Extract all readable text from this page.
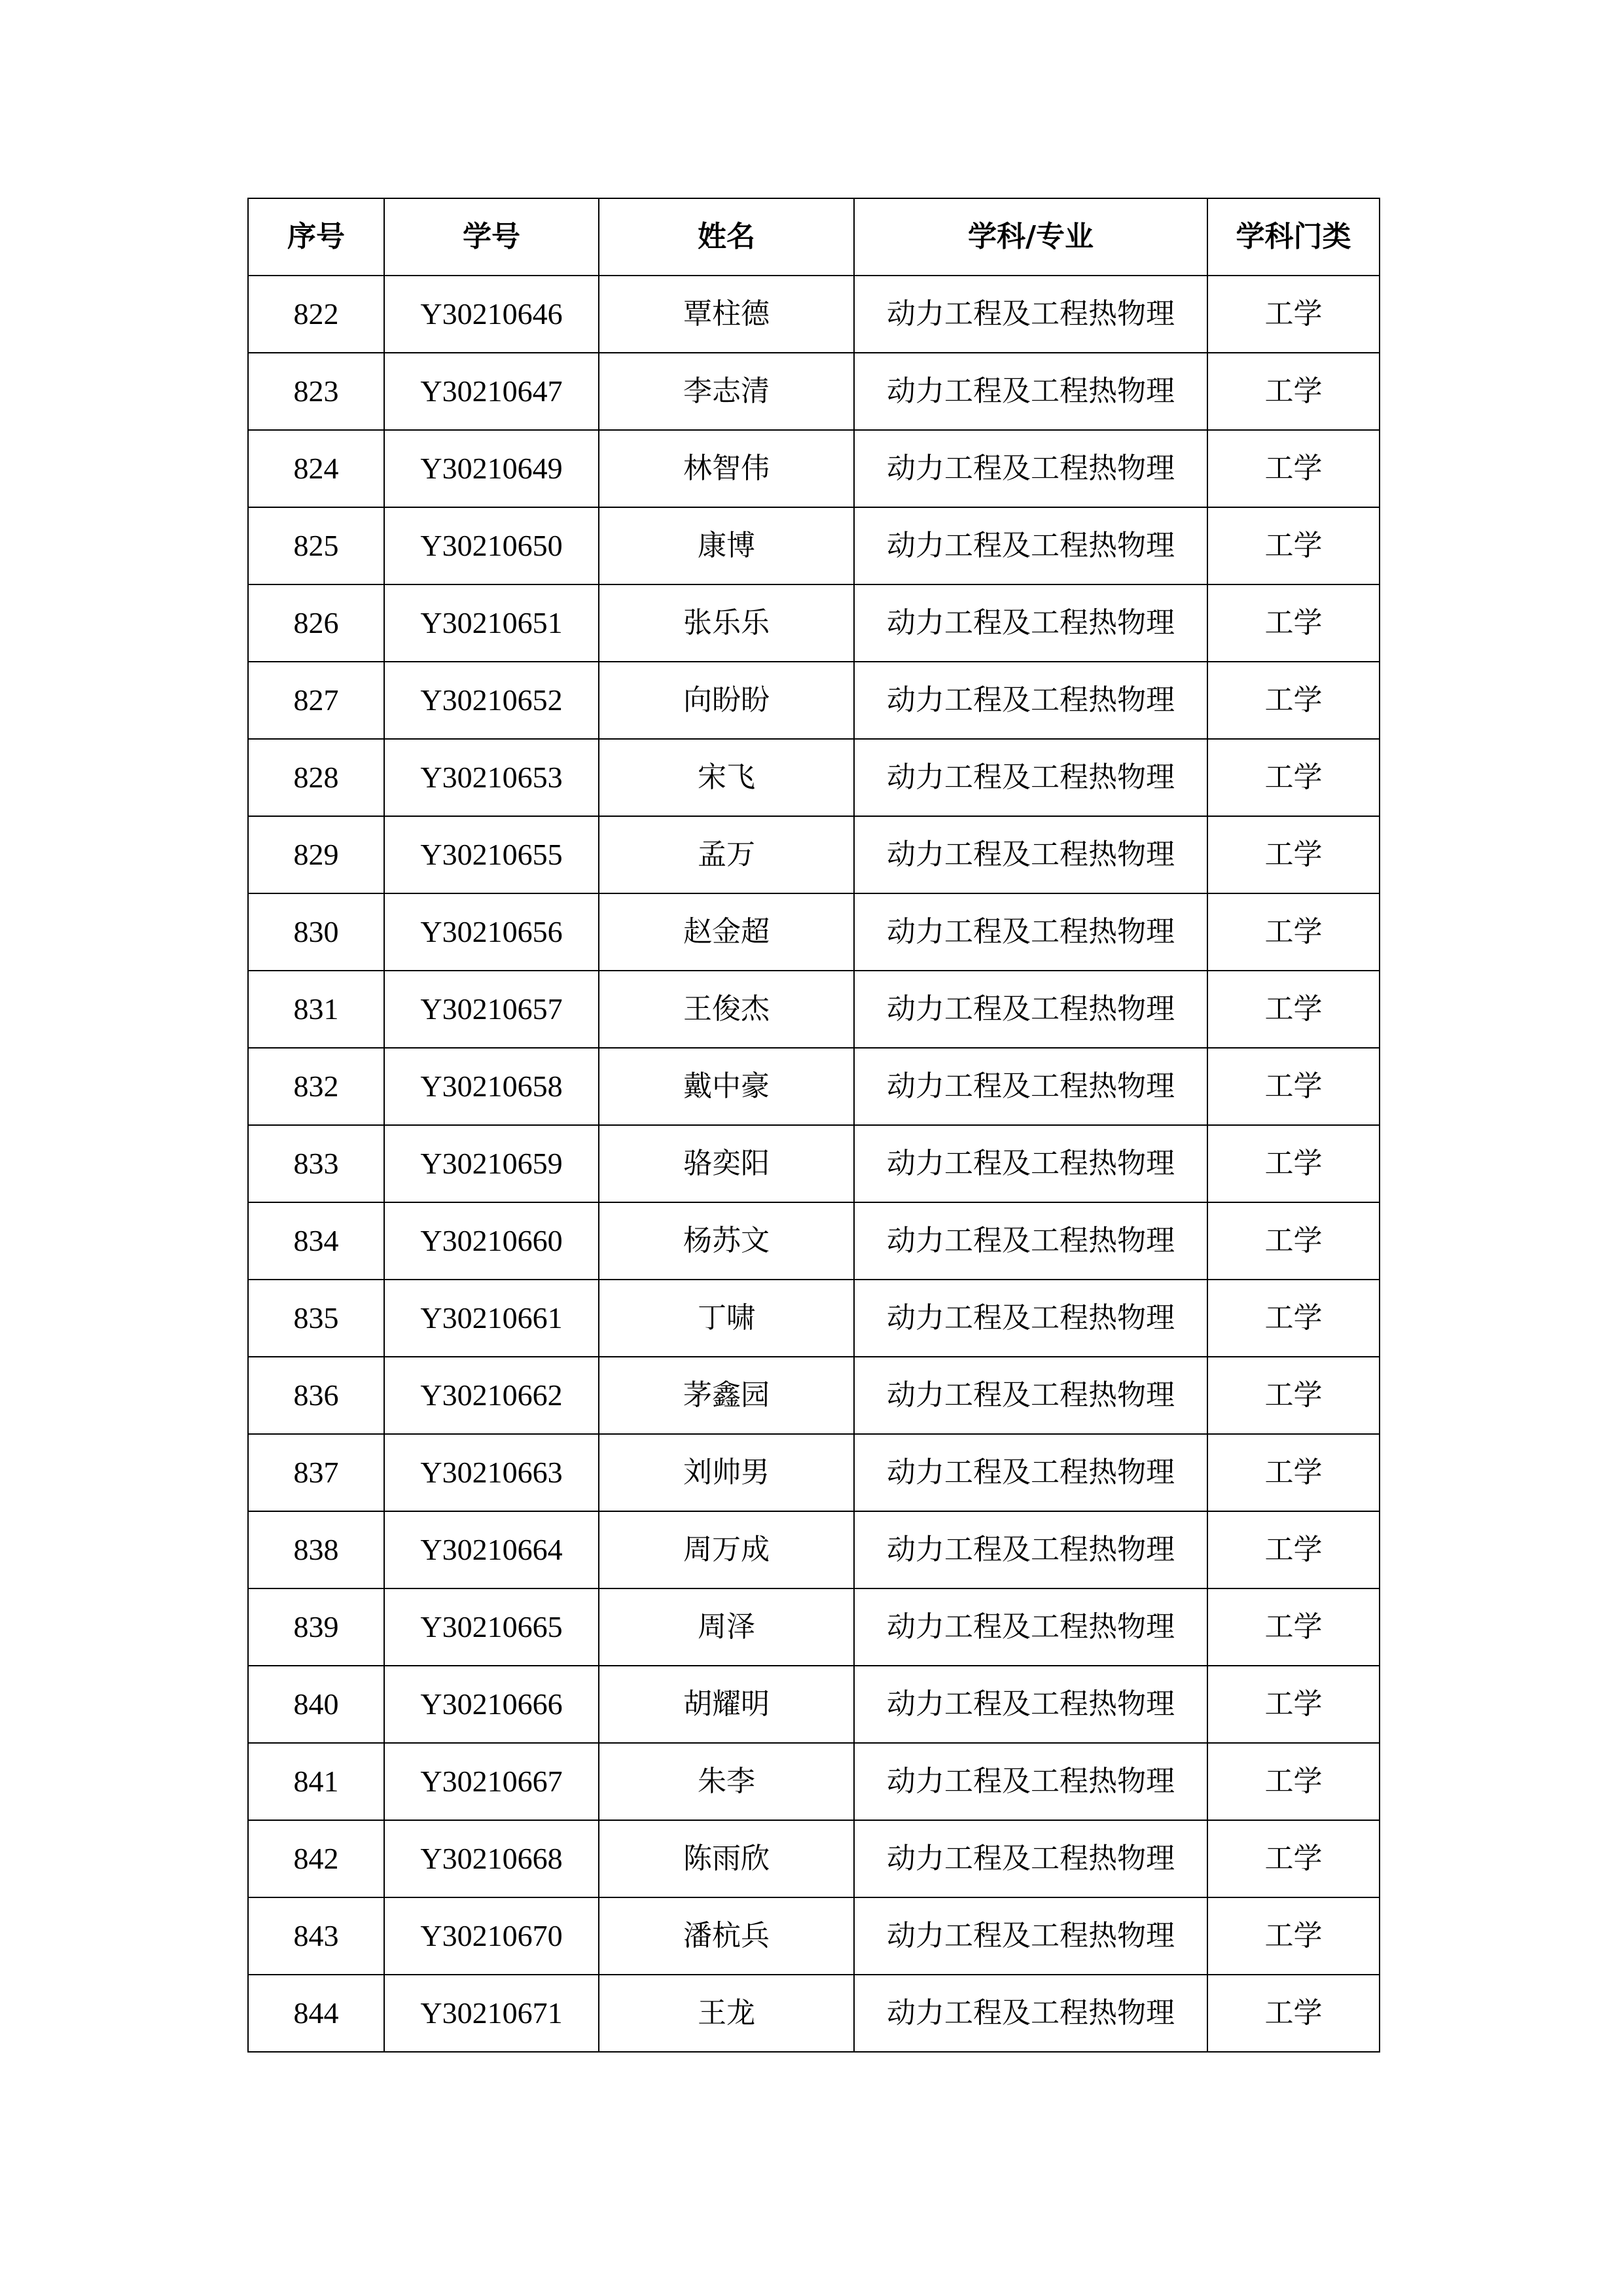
序号	学号	姓名	学科/专业	学科门类
822	Y30210646	覃柱德	动力工程及工程热物理	工学
823	Y30210647	李志清	动力工程及工程热物理	工学
824	Y30210649	林智伟	动力工程及工程热物理	工学
825	Y30210650	康博	动力工程及工程热物理	工学
826	Y30210651	张乐乐	动力工程及工程热物理	工学
827	Y30210652	向盼盼	动力工程及工程热物理	工学
828	Y30210653	宋飞	动力工程及工程热物理	工学
829	Y30210655	孟万	动力工程及工程热物理	工学
830	Y30210656	赵金超	动力工程及工程热物理	工学
831	Y30210657	王俊杰	动力工程及工程热物理	工学
832	Y30210658	戴中豪	动力工程及工程热物理	工学
833	Y30210659	骆奕阳	动力工程及工程热物理	工学
834	Y30210660	杨苏文	动力工程及工程热物理	工学
835	Y30210661	丁啸	动力工程及工程热物理	工学
836	Y30210662	茅鑫园	动力工程及工程热物理	工学
837	Y30210663	刘帅男	动力工程及工程热物理	工学
838	Y30210664	周万成	动力工程及工程热物理	工学
839	Y30210665	周泽	动力工程及工程热物理	工学
840	Y30210666	胡耀明	动力工程及工程热物理	工学
841	Y30210667	朱李	动力工程及工程热物理	工学
842	Y30210668	陈雨欣	动力工程及工程热物理	工学
843	Y30210670	潘杭兵	动力工程及工程热物理	工学
844	Y30210671	王龙	动力工程及工程热物理	工学
